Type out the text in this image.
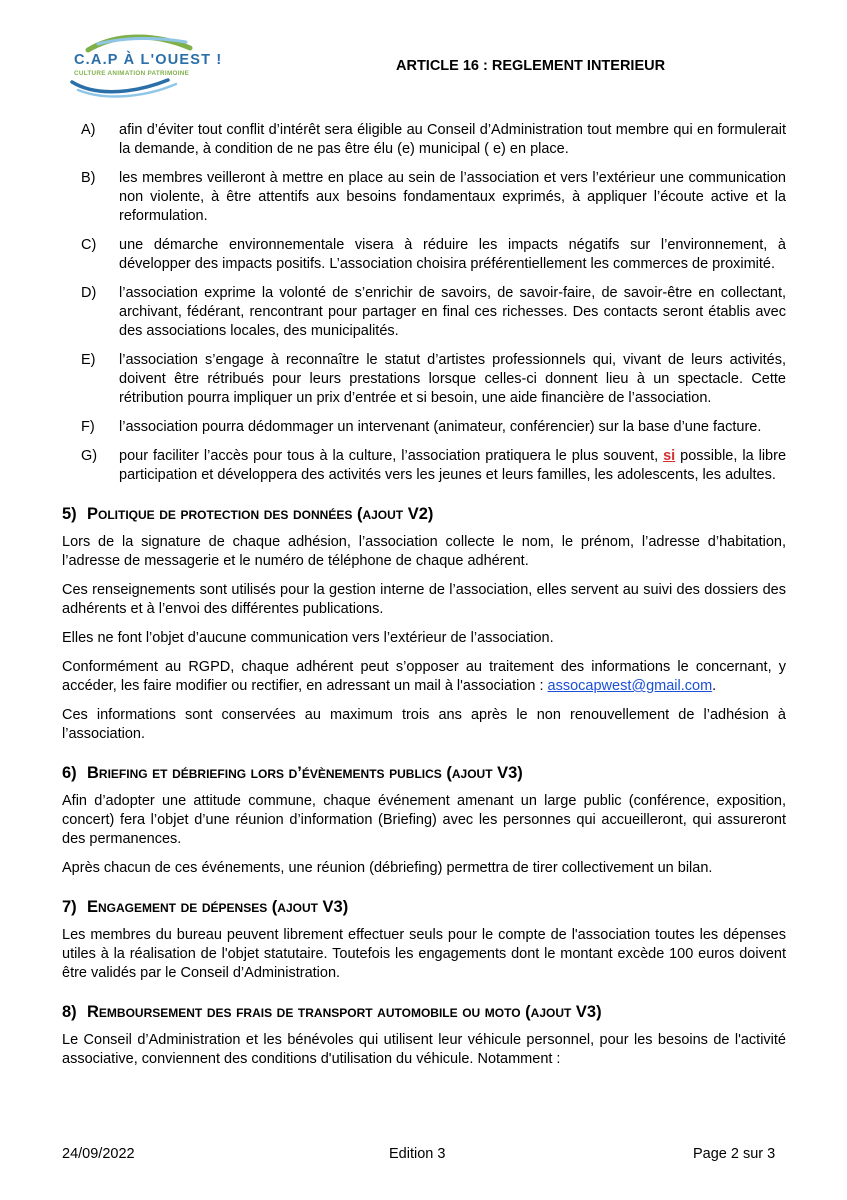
C.A.P À L'OUEST !
CULTURE ANIMATION PATRIMOINE	ARTICLE 16 : REGLEMENT INTERIEUR
A)	afin d’éviter tout conflit d’intérêt sera éligible au Conseil d’Administration tout membre qui en formulerait la demande, à condition de ne pas être élu (e) municipal ( e) en place.
B)	les membres veilleront à mettre en place au sein de l’association et vers l’extérieur une communication non violente, à être attentifs aux besoins fondamentaux exprimés, à appliquer l’écoute active et la reformulation.
C)	une démarche environnementale visera à réduire les impacts négatifs sur l’environnement, à développer des impacts positifs. L’association choisira préférentiellement les commerces de proximité.
D)	l’association exprime la volonté de s’enrichir de savoirs, de savoir-faire, de savoir-être en collectant, archivant, fédérant, rencontrant pour partager en final ces richesses. Des contacts seront établis avec des associations locales, des municipalités.
E)	l’association s’engage à reconnaître le statut d’artistes professionnels qui, vivant de leurs activités, doivent être rétribués pour leurs prestations lorsque celles-ci donnent lieu à un spectacle. Cette rétribution pourra impliquer un prix d’entrée et si besoin, une aide financière de l’association.
F)	l’association pourra dédommager un intervenant (animateur, conférencier) sur la base d’une facture.
G)	pour faciliter l’accès pour tous à la culture, l’association pratiquera le plus souvent, si possible, la libre participation et développera des activités vers les jeunes et leurs familles, les adolescents, les adultes.
5) Politique de protection des données (ajout V2)

Lors de la signature de chaque adhésion, l’association collecte le nom, le prénom, l’adresse d’habitation, l’adresse de messagerie et le numéro de téléphone de chaque adhérent.

Ces renseignements sont utilisés pour la gestion interne de l’association, elles servent au suivi des dossiers des adhérents et à l’envoi des différentes publications.

Elles ne font l’objet d’aucune communication vers l’extérieur de l’association.

Conformément au RGPD, chaque adhérent peut s’opposer au traitement des informations le concernant, y accéder, les faire modifier ou rectifier, en adressant un mail à l'association : assocapwest@gmail.com.

Ces informations sont conservées au maximum trois ans après le non renouvellement de l’adhésion à l’association.

6) Briefing et débriefing lors d’évènements publics (ajout V3)

Afin d’adopter une attitude commune, chaque événement amenant un large public (conférence, exposition, concert) fera l’objet d’une réunion d’information (Briefing) avec les personnes qui accueilleront, qui assureront des permanences.

Après chacun de ces événements, une réunion (débriefing) permettra de tirer collectivement un bilan.

7) Engagement de dépenses (ajout V3)

Les membres du bureau peuvent librement effectuer seuls pour le compte de l'association toutes les dépenses utiles à la réalisation de l'objet statutaire. Toutefois les engagements dont le montant excède 100 euros doivent être validés par le Conseil d’Administration.

8) Remboursement des frais de transport automobile ou moto (ajout V3)

Le Conseil d’Administration et les bénévoles qui utilisent leur véhicule personnel, pour les besoins de l'activité associative, conviennent des conditions d'utilisation du véhicule. Notamment :

24/09/2022	Edition 3	Page 2 sur 3
